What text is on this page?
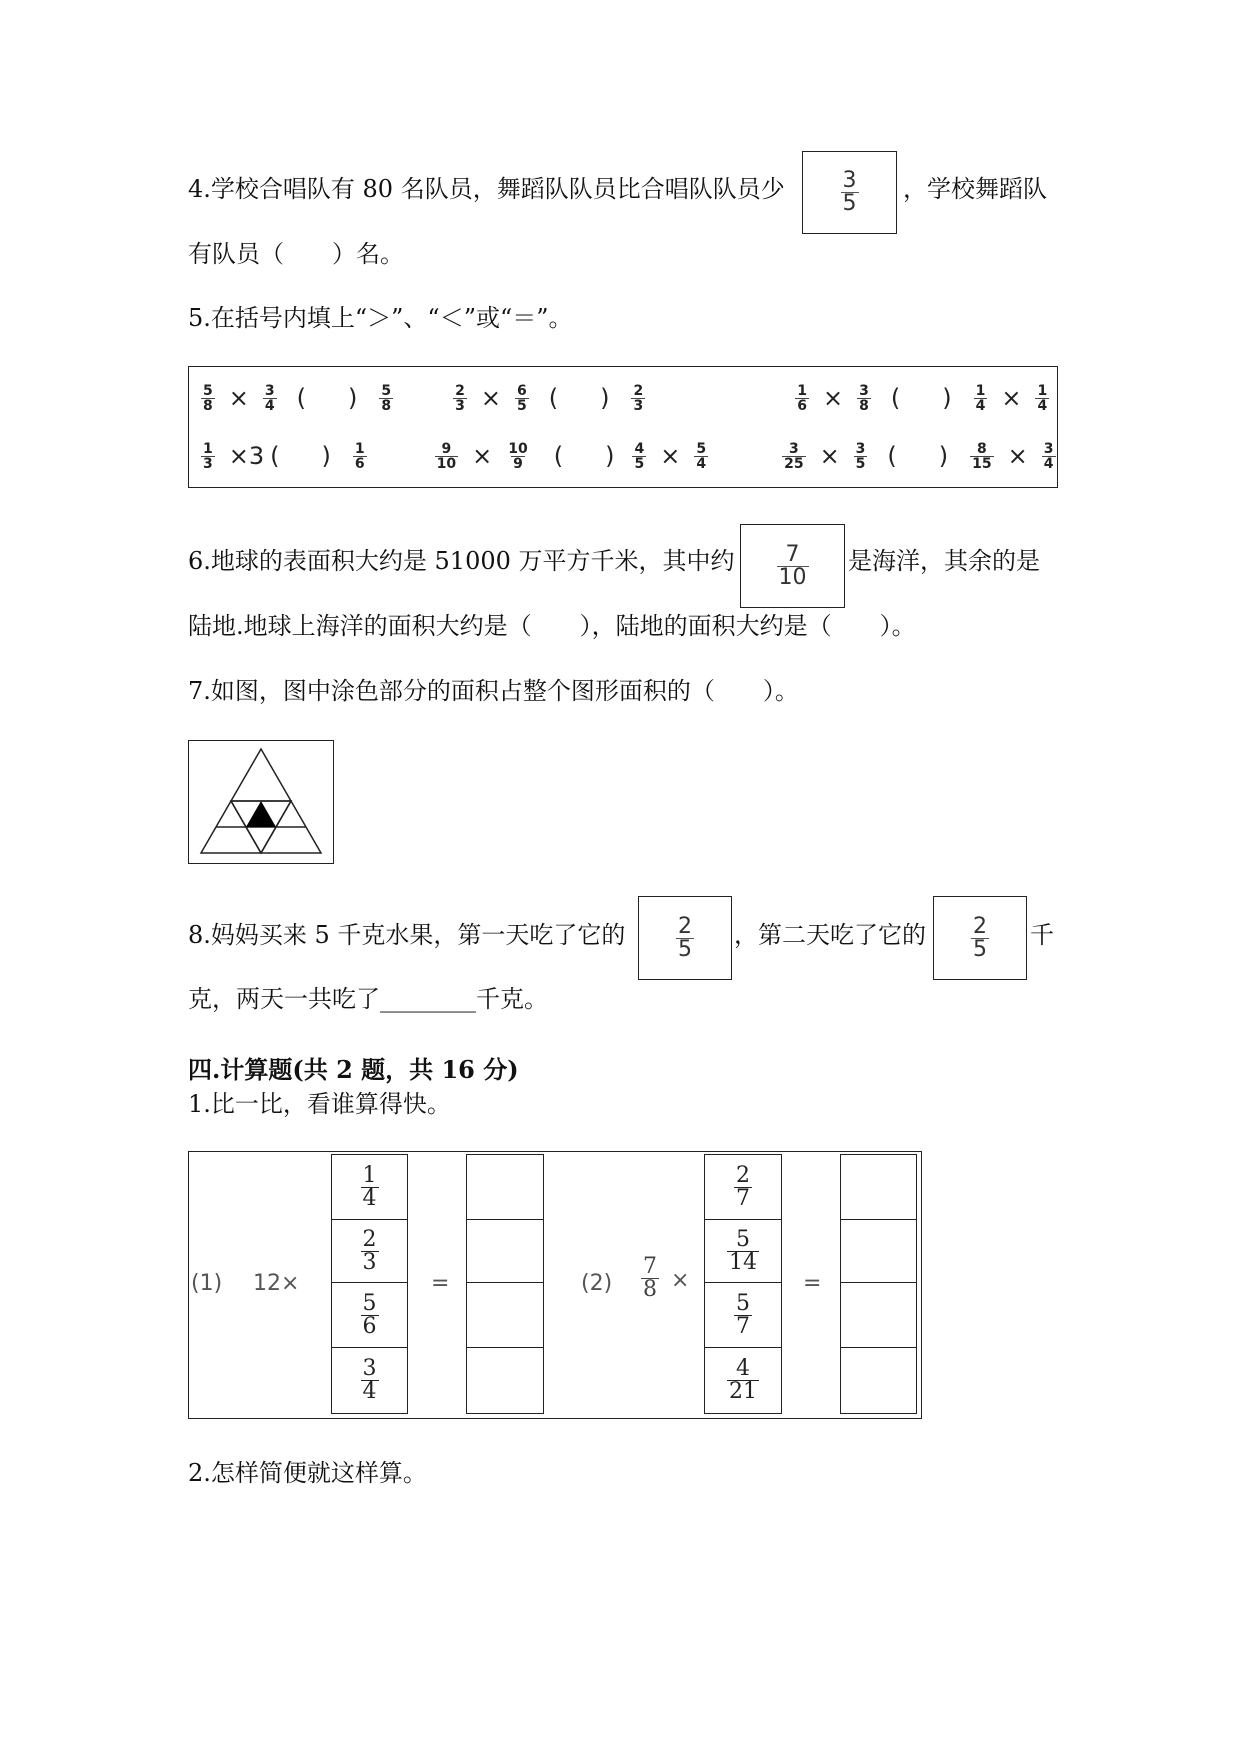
4.学校合唱队有 80 名队员，舞蹈队队员比合唱队队员少	$\frac{3}{5}$ ，学校舞蹈队
有队员（　　）名。
5.在括号内填上“＞”、“＜”或“＝”。
$\frac{5}{8} \times \frac{3}{4}$ ( ) $\frac{5}{8}$	$\frac{2}{3} \times \frac{6}{5}$ ( ) $\frac{2}{3}$	$\frac{1}{6} \times \frac{3}{8}$ ( ) $\frac{1}{4} \times \frac{1}{4}$
$\frac{1}{3} \times 3$ ( ) $\frac{1}{6}$	$\frac{9}{10} \times \frac{10}{9}$ ( ) $\frac{4}{5} \times \frac{5}{4}$	$\frac{3}{25} \times \frac{3}{5}$ ( ) $\frac{8}{15} \times \frac{3}{4}$
6.地球的表面积大约是 51000 万平方千米，其中约 $\frac{7}{10}$ 是海洋，其余的是
陆地.地球上海洋的面积大约是（　　），陆地的面积大约是（　　）。
7.如图，图中涂色部分的面积占整个图形面积的（　　）。
8.妈妈买来 5 千克水果，第一天吃了它的 $\frac{2}{5}$ ，第二天吃了它的 $\frac{2}{5}$ 千
克，两天一共吃了________千克。
四.计算题(共 2 题，共 16 分)
1.比一比，看谁算得快。
(1) 12×
$\frac{1}{4}$
$\frac{2}{3}$
$\frac{5}{6}$
$\frac{3}{4}$
=	$(2) \frac{7}{8}$ ×
$\frac{2}{7}$
$\frac{5}{14}$
$\frac{5}{7}$
$\frac{4}{21}$
=
2.怎样简便就这样算。
